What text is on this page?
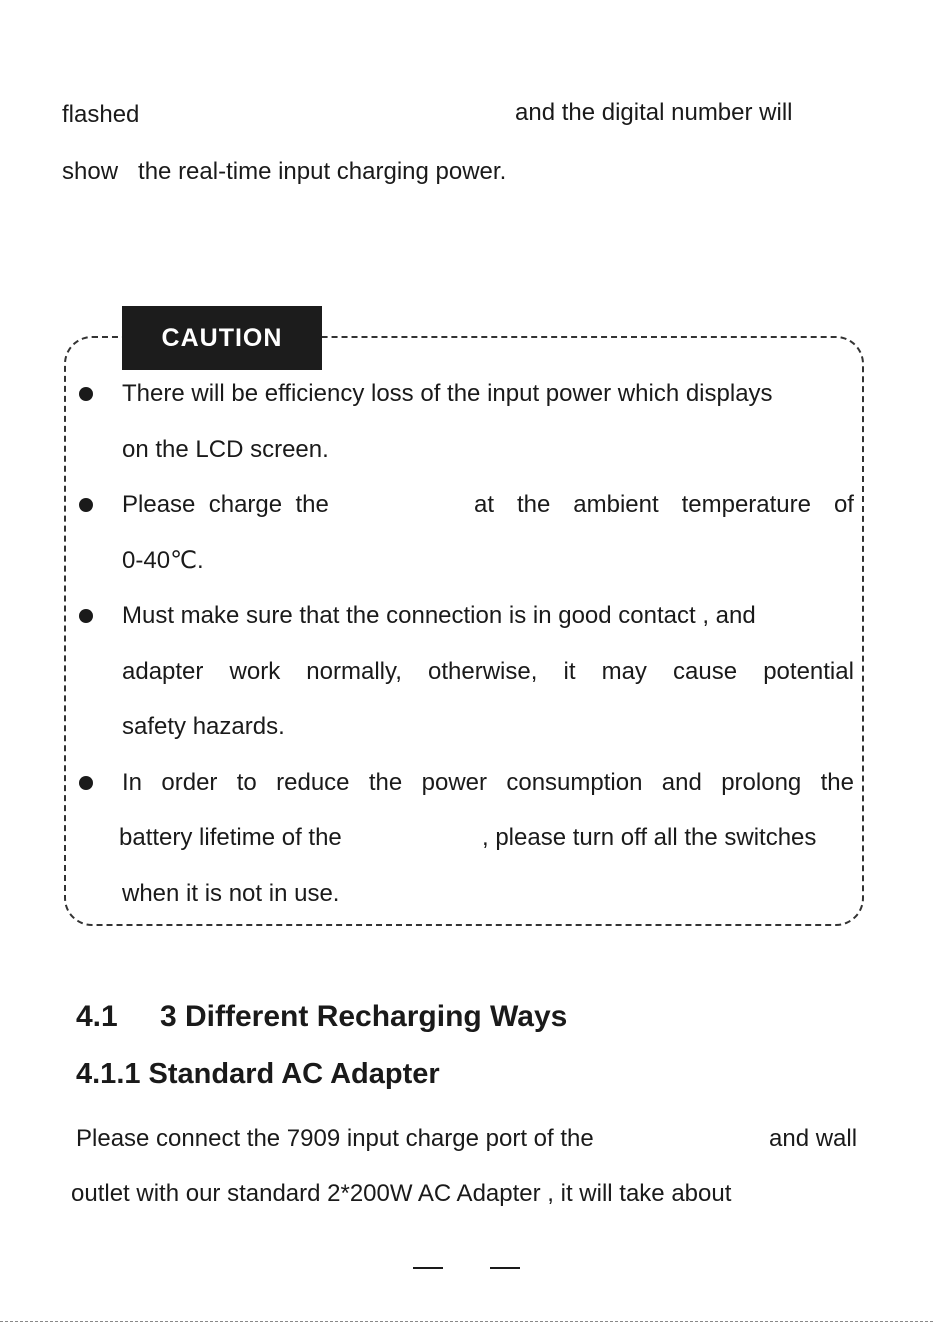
flashed	and the digital number will
show   the real-time input charging power.
CAUTION
There will be efficiency loss of the input power which displays
on the LCD screen.
Please charge the	at the ambient temperature of
0-40℃.
Must make sure that the connection is in good contact , and
adapter work normally, otherwise, it may cause potential
safety hazards.
In order to reduce the power consumption and prolong the
battery lifetime of the	, please turn off all the switches
when it is not in use.
4.1 3 Different Recharging Ways
4.1.1 Standard AC Adapter
Please connect the 7909 input charge port of the	and wall
outlet with our standard 2*200W AC Adapter , it will take about
